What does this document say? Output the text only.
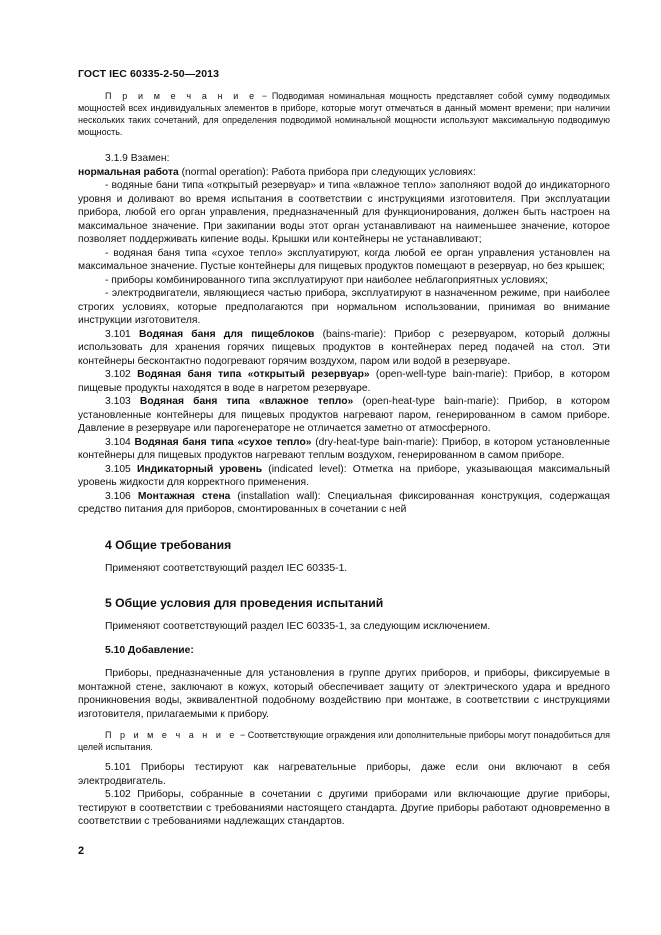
ГОСТ IEC 60335-2-50—2013

П р и м е ч а н и е − Подводимая номинальная мощность представляет собой сумму подводимых мощностей всех индивидуальных элементов в приборе, которые могут отмечаться в данный момент времени; при наличии нескольких таких сочетаний, для определения подводимой номинальной мощности используют максимальную подводимую мощность.

3.1.9 Взамен:

нормальная работа (normal operation): Работа прибора при следующих условиях:

- водяные бани типа «открытый резервуар» и типа «влажное тепло» заполняют водой до индикаторного уровня и доливают во время испытания в соответствии с инструкциями изготовителя. При эксплуатации прибора, любой его орган управления, предназначенный для функционирования, должен быть настроен на максимальное значение. При закипании воды этот орган устанавливают на наименьшее значение, которое позволяет поддерживать кипение воды. Крышки или контейнеры не устанавливают;

- водяная баня типа «сухое тепло» эксплуатируют, когда любой ее орган управления установлен на максимальное значение. Пустые контейнеры для пищевых продуктов помещают в резервуар, но без крышек;

- приборы комбинированного типа эксплуатируют при наиболее неблагоприятных условиях;

- электродвигатели, являющиеся частью прибора, эксплуатируют в назначенном режиме, при наиболее строгих условиях, которые предполагаются при нормальном использовании, принимая во внимание инструкции изготовителя.

3.101 Водяная баня для пищеблоков (bains-marie): Прибор с резервуаром, который должны использовать для хранения горячих пищевых продуктов в контейнерах перед подачей на стол. Эти контейнеры бесконтактно подогревают горячим воздухом, паром или водой в резервуаре.

3.102 Водяная баня типа «открытый резервуар» (open-well-type bain-marie): Прибор, в котором пищевые продукты находятся в воде в нагретом резервуаре.

3.103 Водяная баня типа «влажное тепло» (open-heat-type bain-marie): Прибор, в котором установленные контейнеры для пищевых продуктов нагревают паром, генерированном в самом приборе. Давление в резервуаре или парогенераторе не отличается заметно от атмосферного.

3.104 Водяная баня типа «сухое тепло» (dry-heat-type bain-marie): Прибор, в котором установленные контейнеры для пищевых продуктов нагревают теплым воздухом, генерированном в самом приборе.

3.105 Индикаторный уровень (indicated level): Отметка на приборе, указывающая максимальный уровень жидкости для корректного применения.

3.106 Монтажная стена (installation wall): Специальная фиксированная конструкция, содержащая средство питания для приборов, смонтированных в сочетании с ней

4 Общие требования

Применяют соответствующий раздел IEC 60335-1.

5 Общие условия для проведения испытаний

Применяют соответствующий раздел IEC 60335-1, за следующим исключением.

5.10 Добавление:

Приборы, предназначенные для установления в группе других приборов, и приборы, фиксируемые в монтажной стене, заключают в кожух, который обеспечивает защиту от электрического удара и вредного проникновения воды, эквивалентной подобному воздействию при монтаже, в соответствии с инструкциями изготовителя, прилагаемыми к прибору.

П р и м е ч а н и е − Соответствующие ограждения или дополнительные приборы могут понадобиться для целей испытания.

5.101 Приборы тестируют как нагревательные приборы, даже если они включают в себя электродвигатель.

5.102 Приборы, собранные в сочетании с другими приборами или включающие другие приборы, тестируют в соответствии с требованиями настоящего стандарта. Другие приборы работают одновременно в соответствии с требованиями надлежащих стандартов.

2
